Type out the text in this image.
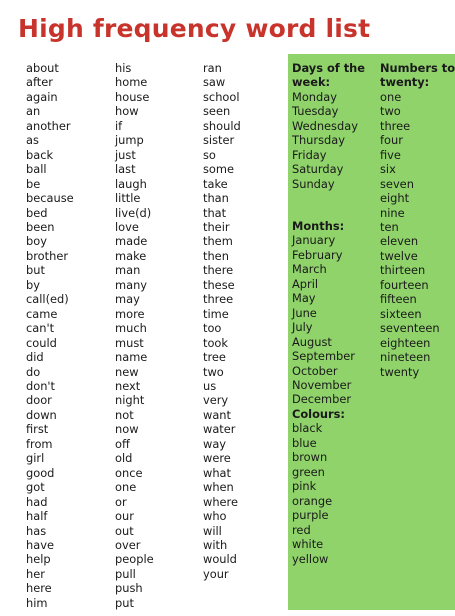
High frequency word list
about
after
again
an
another
as
back
ball
be
because
bed
been
boy
brother
but
by
call(ed)
came
can't
could
did
do
don't
door
down
first
from
girl
good
got
had
half
has
have
help
her
here
him
his
home
house
how
if
jump
just
last
laugh
little
live(d)
love
made
make
man
many
may
more
much
must
name
new
next
night
not
now
off
old
once
one
or
our
out
over
people
pull
push
put
ran
saw
school
seen
should
sister
so
some
take
than
that
their
them
then
there
these
three
time
too
took
tree
two
us
very
want
water
way
were
what
when
where
who
will
with
would
your
Days of the
week:
Monday
Tuesday
Wednesday
Thursday
Friday
Saturday
Sunday
Numbers to
twenty:
one
two
three
four
five
six
seven
eight
nine
ten
eleven
twelve
thirteen
fourteen
fifteen
sixteen
seventeen
eighteen
nineteen
twenty
Months:
January
February
March
April
May
June
July
August
September
October
November
December
Colours:
black
blue
brown
green
pink
orange
purple
red
white
yellow
